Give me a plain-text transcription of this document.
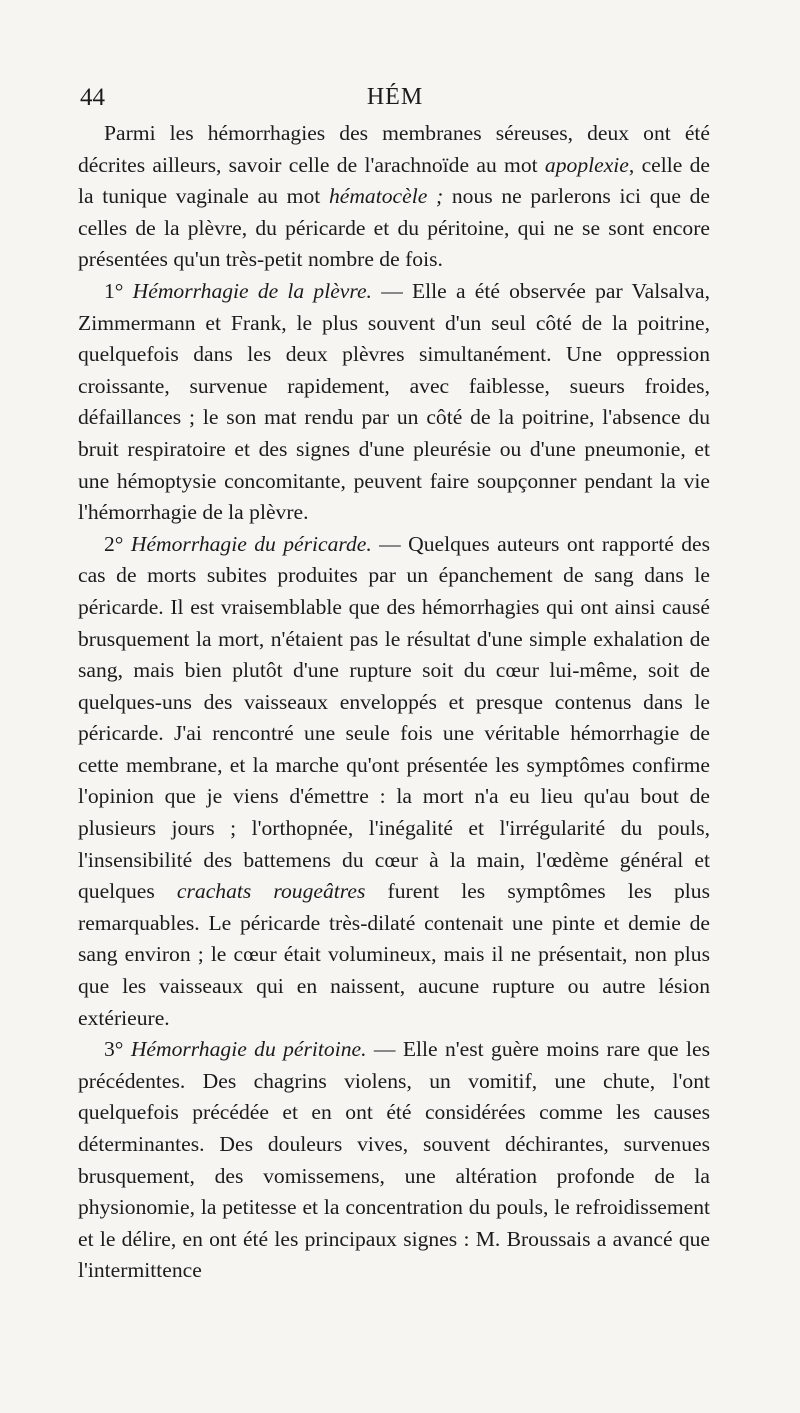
44	HÉM

Parmi les hémorrhagies des membranes séreuses, deux ont été décrites ailleurs, savoir celle de l'arachnoïde au mot apoplexie, celle de la tunique vaginale au mot hématocèle ; nous ne parlerons ici que de celles de la plèvre, du péricarde et du péritoine, qui ne se sont encore présentées qu'un très-petit nombre de fois.

1° Hémorrhagie de la plèvre. — Elle a été observée par Valsalva, Zimmermann et Frank, le plus souvent d'un seul côté de la poitrine, quelquefois dans les deux plèvres simultanément. Une oppression croissante, survenue rapidement, avec faiblesse, sueurs froides, défaillances ; le son mat rendu par un côté de la poitrine, l'absence du bruit respiratoire et des signes d'une pleurésie ou d'une pneumonie, et une hémoptysie concomitante, peuvent faire soupçonner pendant la vie l'hémorrhagie de la plèvre.

2° Hémorrhagie du péricarde. — Quelques auteurs ont rapporté des cas de morts subites produites par un épanchement de sang dans le péricarde. Il est vraisemblable que des hémorrhagies qui ont ainsi causé brusquement la mort, n'étaient pas le résultat d'une simple exhalation de sang, mais bien plutôt d'une rupture soit du cœur lui-même, soit de quelques-uns des vaisseaux enveloppés et presque contenus dans le péricarde. J'ai rencontré une seule fois une véritable hémorrhagie de cette membrane, et la marche qu'ont présentée les symptômes confirme l'opinion que je viens d'émettre : la mort n'a eu lieu qu'au bout de plusieurs jours ; l'orthopnée, l'inégalité et l'irrégularité du pouls, l'insensibilité des battemens du cœur à la main, l'œdème général et quelques crachats rougeâtres furent les symptômes les plus remarquables. Le péricarde très-dilaté contenait une pinte et demie de sang environ ; le cœur était volumineux, mais il ne présentait, non plus que les vaisseaux qui en naissent, aucune rupture ou autre lésion extérieure.

3° Hémorrhagie du péritoine. — Elle n'est guère moins rare que les précédentes. Des chagrins violens, un vomitif, une chute, l'ont quelquefois précédée et en ont été considérées comme les causes déterminantes. Des douleurs vives, souvent déchirantes, survenues brusquement, des vomissemens, une altération profonde de la physionomie, la petitesse et la concentration du pouls, le refroidissement et le délire, en ont été les principaux signes : M. Broussais a avancé que l'intermittence
